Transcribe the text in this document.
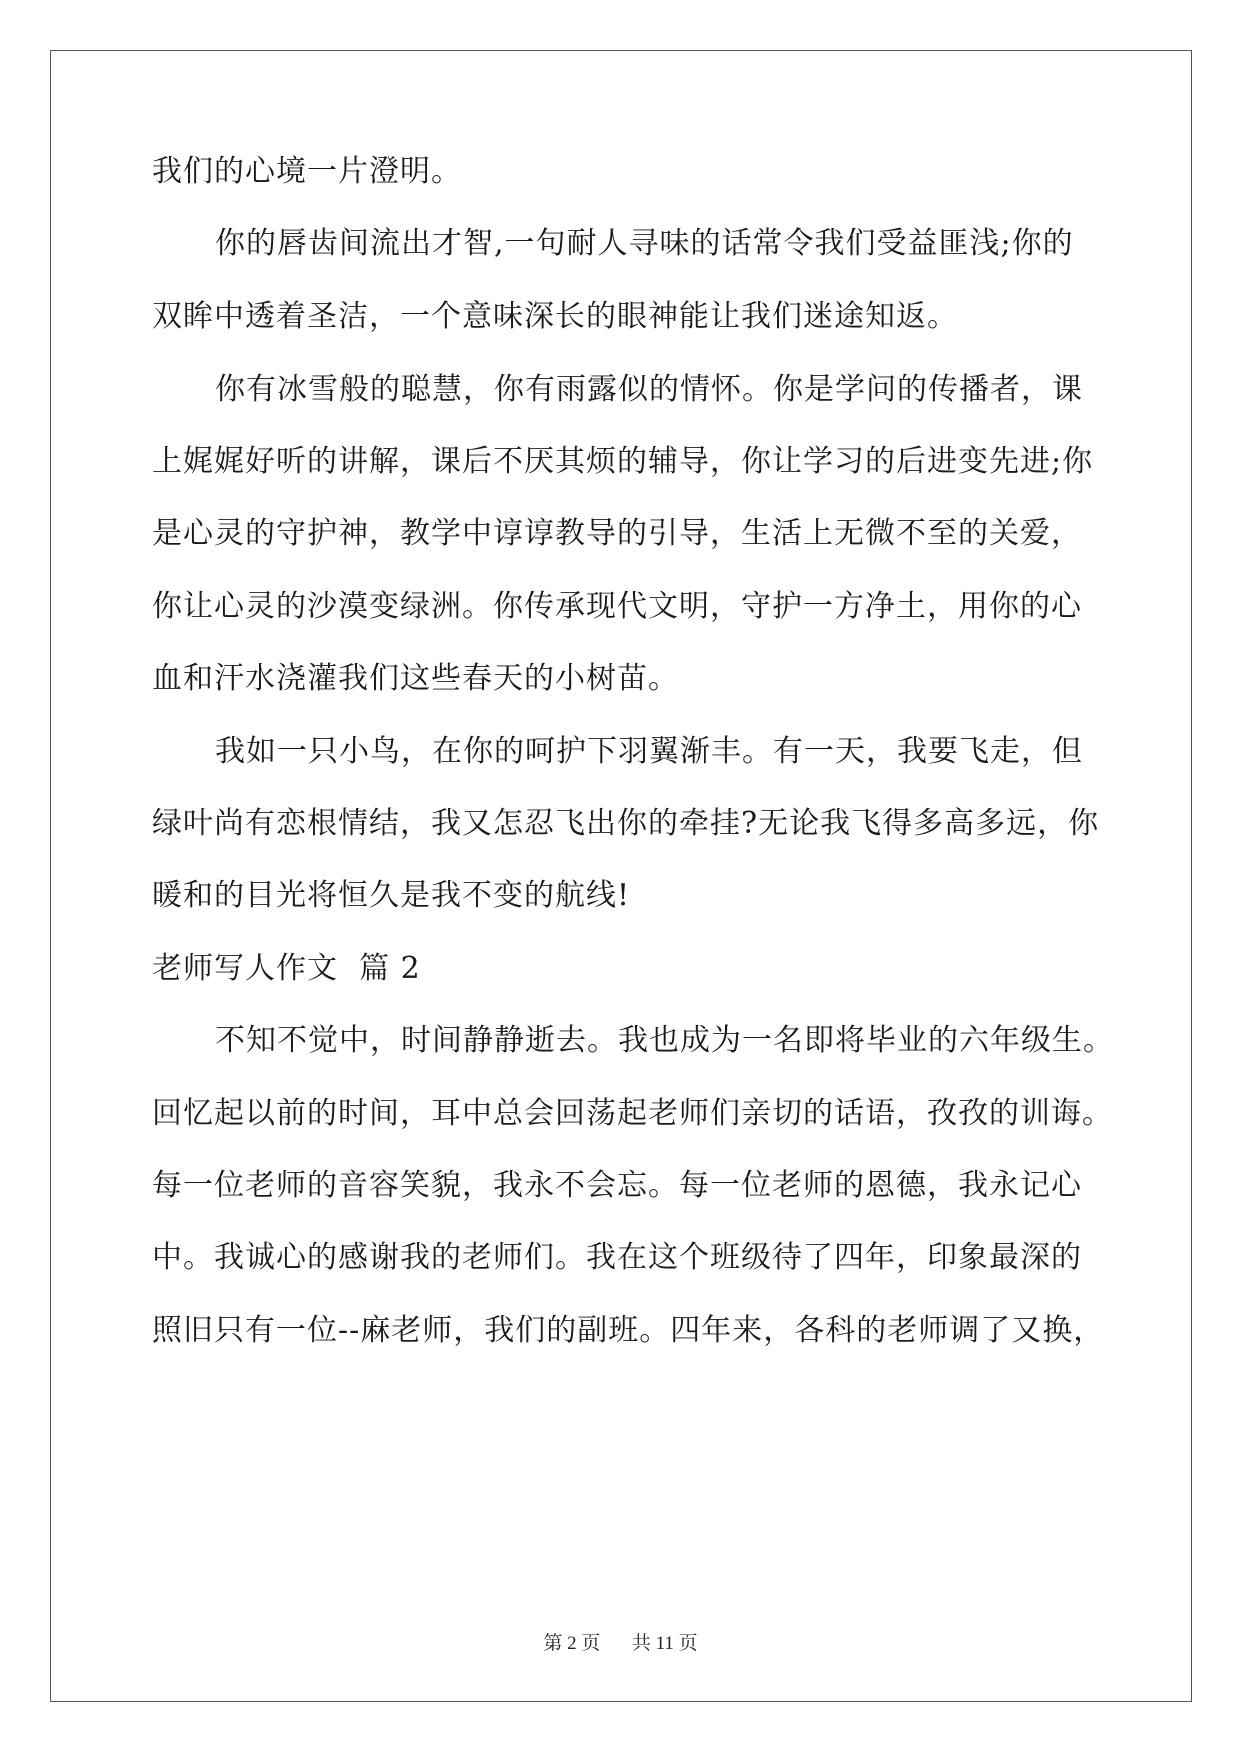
我们的心境一片澄明。
你的唇齿间流出才智,一句耐人寻味的话常令我们受益匪浅;你的
双眸中透着圣洁，一个意味深长的眼神能让我们迷途知返。
你有冰雪般的聪慧，你有雨露似的情怀。你是学问的传播者，课
上娓娓好听的讲解，课后不厌其烦的辅导，你让学习的后进变先进;你
是心灵的守护神，教学中谆谆教导的引导，生活上无微不至的关爱，
你让心灵的沙漠变绿洲。你传承现代文明，守护一方净土，用你的心
血和汗水浇灌我们这些春天的小树苗。
我如一只小鸟，在你的呵护下羽翼渐丰。有一天，我要飞走，但
绿叶尚有恋根情结，我又怎忍飞出你的牵挂?无论我飞得多高多远，你
暖和的目光将恒久是我不变的航线!
老师写人作文  篇 2
不知不觉中，时间静静逝去。我也成为一名即将毕业的六年级生。
回忆起以前的时间，耳中总会回荡起老师们亲切的话语，孜孜的训诲。
每一位老师的音容笑貌，我永不会忘。每一位老师的恩德，我永记心
中。我诚心的感谢我的老师们。我在这个班级待了四年，印象最深的
照旧只有一位--麻老师，我们的副班。四年来，各科的老师调了又换，
第 2 页 共 11 页
